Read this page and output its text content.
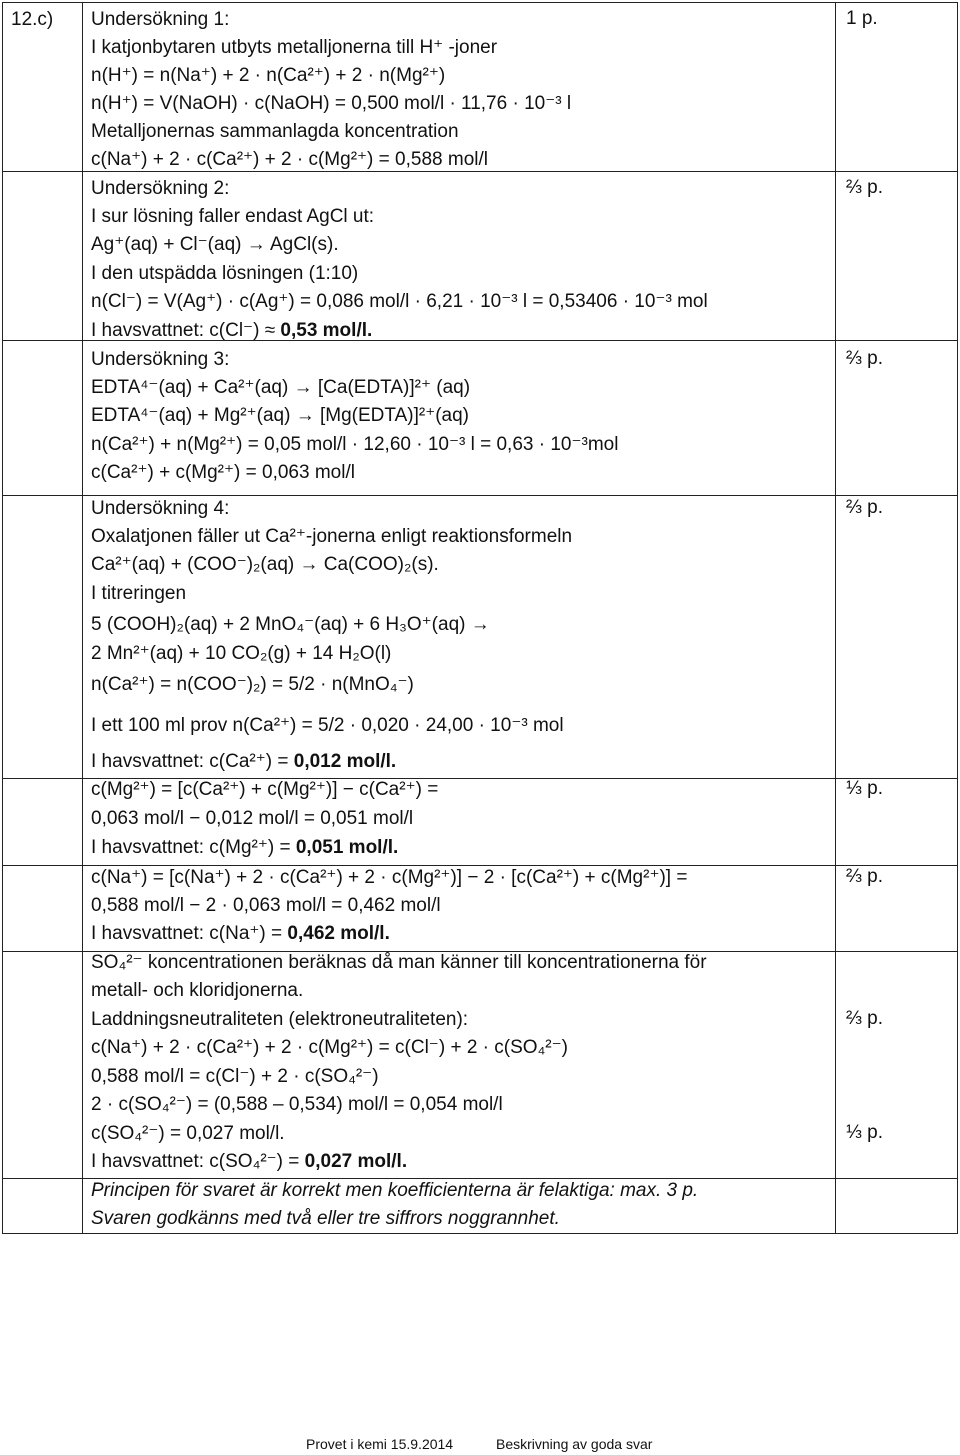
12.c) Undersökning 1:
I katjonbytaren utbyts metalljonerna till H⁺ -joner
n(H⁺) = n(Na⁺) + 2 · n(Ca²⁺) + 2 · n(Mg²⁺)
n(H⁺) = V(NaOH) · c(NaOH) = 0,500 mol/l · 11,76 · 10⁻³ l
Metalljonernas sammanlagda koncentration
c(Na⁺) + 2 · c(Ca²⁺) + 2 · c(Mg²⁺) = 0,588 mol/l
Undersökning 2:
I sur lösning faller endast AgCl ut:
Ag⁺(aq) + Cl⁻(aq) → AgCl(s).
I den utspädda lösningen (1:10)
n(Cl⁻) = V(Ag⁺) · c(Ag⁺) = 0,086 mol/l · 6,21 · 10⁻³ l = 0,53406 · 10⁻³ mol
I havsvattnet: c(Cl⁻) ≈ 0,53 mol/l.
Undersökning 3:
EDTA⁴⁻(aq) + Ca²⁺(aq) → [Ca(EDTA)]²⁺ (aq)
EDTA⁴⁻(aq) + Mg²⁺(aq) → [Mg(EDTA)]²⁺(aq)
n(Ca²⁺) + n(Mg²⁺) = 0,05 mol/l · 12,60 · 10⁻³ l = 0,63 · 10⁻³mol
c(Ca²⁺) + c(Mg²⁺) = 0,063 mol/l
Undersökning 4:
Oxalatjonen fäller ut Ca²⁺-jonerna enligt reaktionsformeln
Ca²⁺(aq) + (COO⁻)₂(aq) → Ca(COO)₂(s).
I titreringen
5 (COOH)₂(aq) + 2 MnO₄⁻(aq) + 6 H₃O⁺(aq) →
2 Mn²⁺(aq) + 10 CO₂(g) + 14 H₂O(l)
n(Ca²⁺) = n(COO⁻)₂) = 5/2 · n(MnO₄⁻)
I ett 100 ml prov n(Ca²⁺) = 5/2 · 0,020 · 24,00 · 10⁻³ mol
I havsvattnet: c(Ca²⁺) = 0,012 mol/l.
c(Mg²⁺) = [c(Ca²⁺) + c(Mg²⁺)] − c(Ca²⁺) =
0,063 mol/l − 0,012 mol/l = 0,051 mol/l
I havsvattnet: c(Mg²⁺) = 0,051 mol/l.
c(Na⁺) = [c(Na⁺) + 2 · c(Ca²⁺) + 2 · c(Mg²⁺)] − 2 · [c(Ca²⁺) + c(Mg²⁺)] =
0,588 mol/l − 2 · 0,063 mol/l = 0,462 mol/l
I havsvattnet: c(Na⁺) = 0,462 mol/l.
SO₄²⁻ koncentrationen beräknas då man känner till koncentrationerna för
metall- och kloridjonerna.
Laddningsneutraliteten (elektroneutraliteten):
c(Na⁺) + 2 · c(Ca²⁺) + 2 · c(Mg²⁺) = c(Cl⁻) + 2 · c(SO₄²⁻)
0,588 mol/l = c(Cl⁻) + 2 · c(SO₄²⁻)
2 · c(SO₄²⁻) = (0,588 – 0,534) mol/l = 0,054 mol/l
c(SO₄²⁻) = 0,027 mol/l.
I havsvattnet: c(SO₄²⁻) = 0,027 mol/l.
Principen för svaret är korrekt men koefficienterna är felaktiga: max. 3 p.
Svaren godkänns med två eller tre siffrors noggrannhet.
1 p.
⅔ p.
⅔ p.
⅔ p.
⅓ p.
⅔ p.
⅔ p.
⅓ p.
Provet i kemi 15.9.2014	Beskrivning av goda svar
